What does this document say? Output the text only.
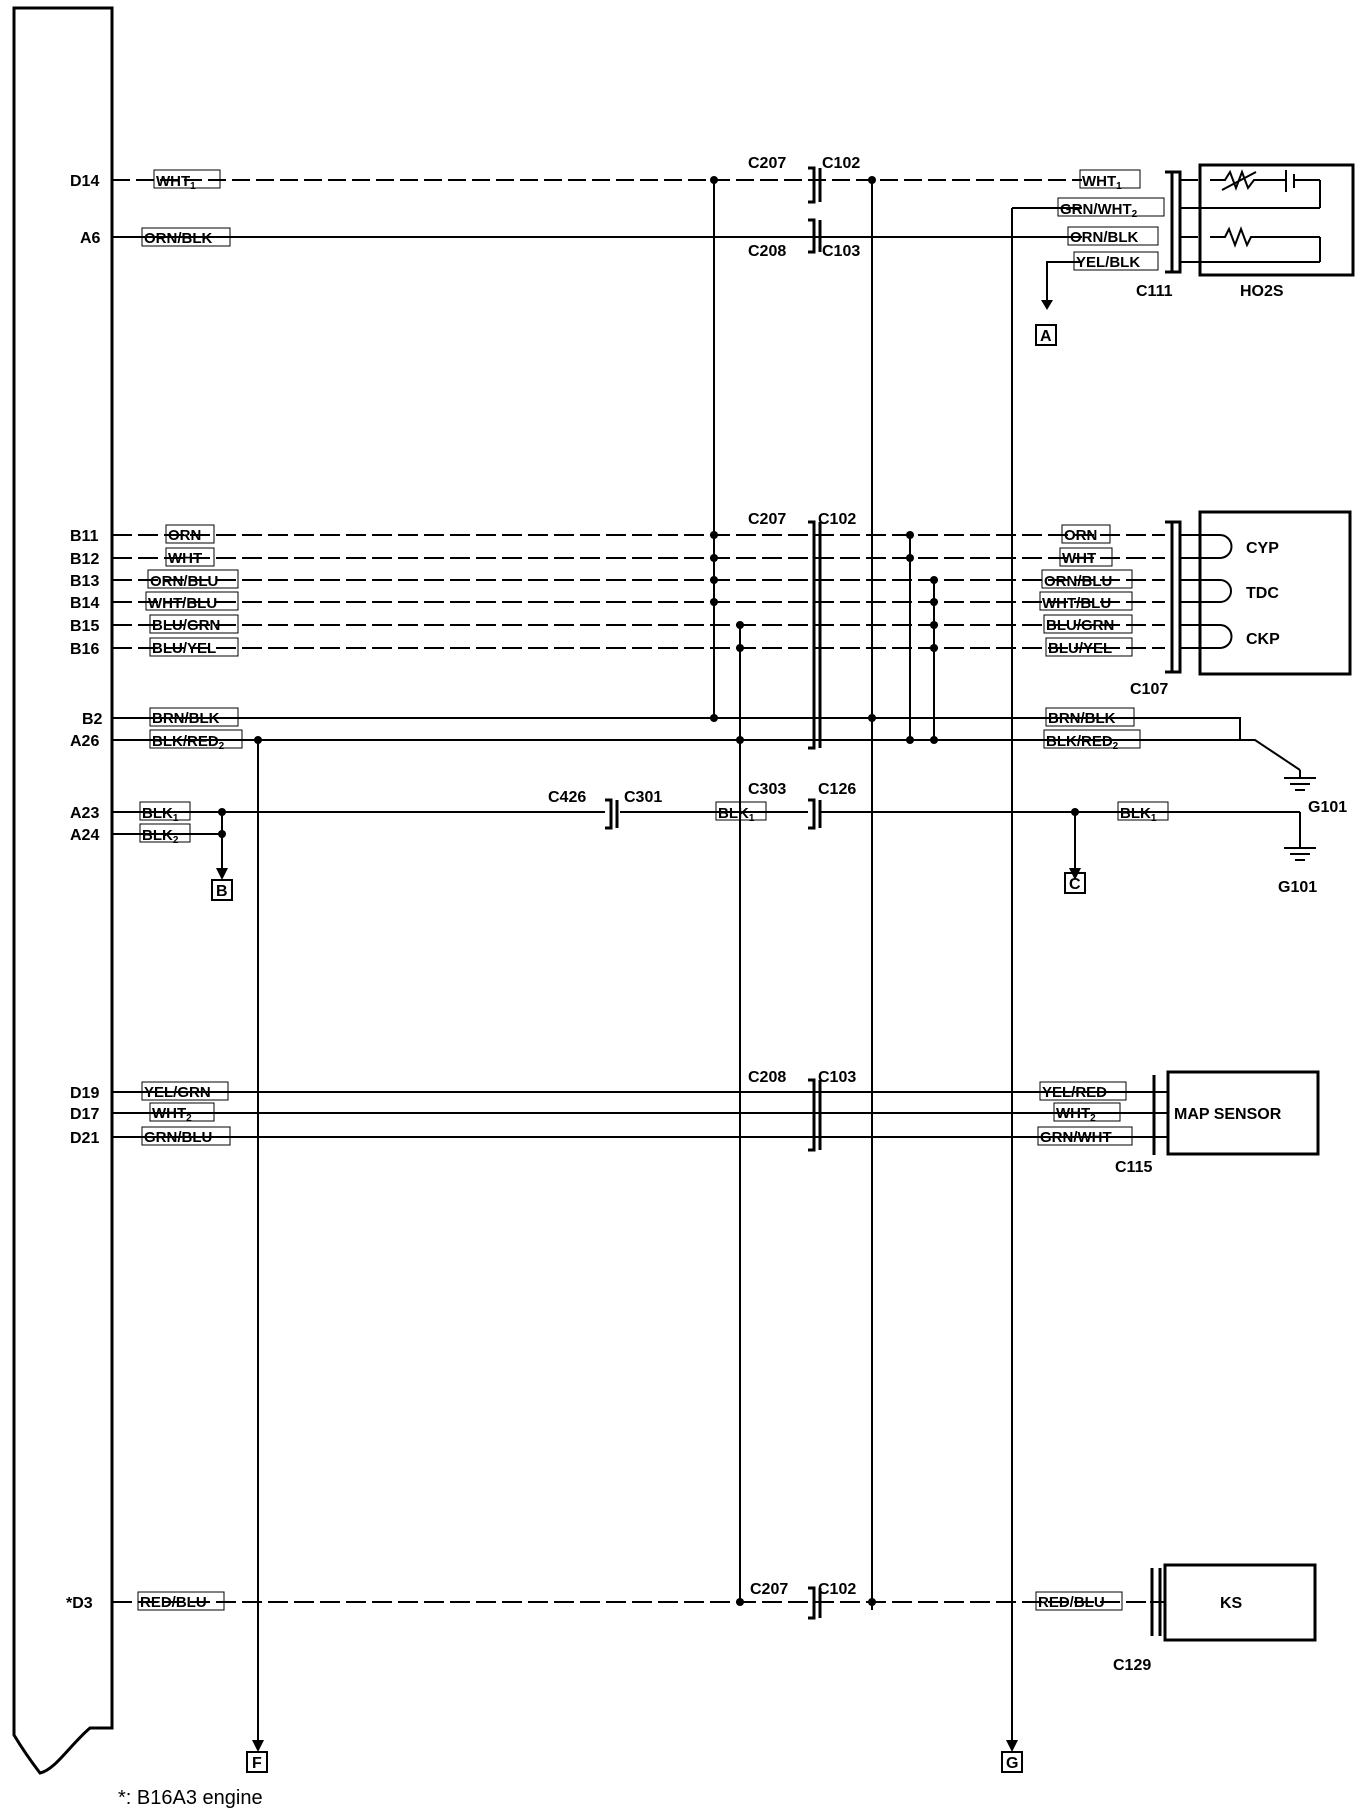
D14
A6
B11
B12
B13
B14
B15
B16
B2
A26
A23
A24
D19
D17
D21
*D3
$WHT_1$
ORN/BLK
ORN
WHT
ORN/BLU
WHT/BLU
BLU/GRN
BLU/YEL
BRN/BLK
BLK/$RED_2$
$BLK_1$
$BLK_2$
YEL/GRN
$WHT_2$
GRN/BLU
RED/BLU
$WHT_1$
GRN/$WHT_2$
ORN/BLK
YEL/BLK
ORN
WHT
ORN/BLU
WHT/BLU
BLU/GRN
BLU/YEL
BRN/BLK
BLK/$RED_2$
$BLK_1$	$BLK_1$
YEL/RED
$WHT_2$
GRN/WHT
RED/BLU
C207 C102
C208 C103
C111	HO2S
C207 C102
C107
CYP
TDC
CKP
C426 C301	C303 C126
G101
G101
C208 C103
C115
MAP SENSOR
C207 C102
C129
KS
A
B	C
F	G
*: B16A3 engine
